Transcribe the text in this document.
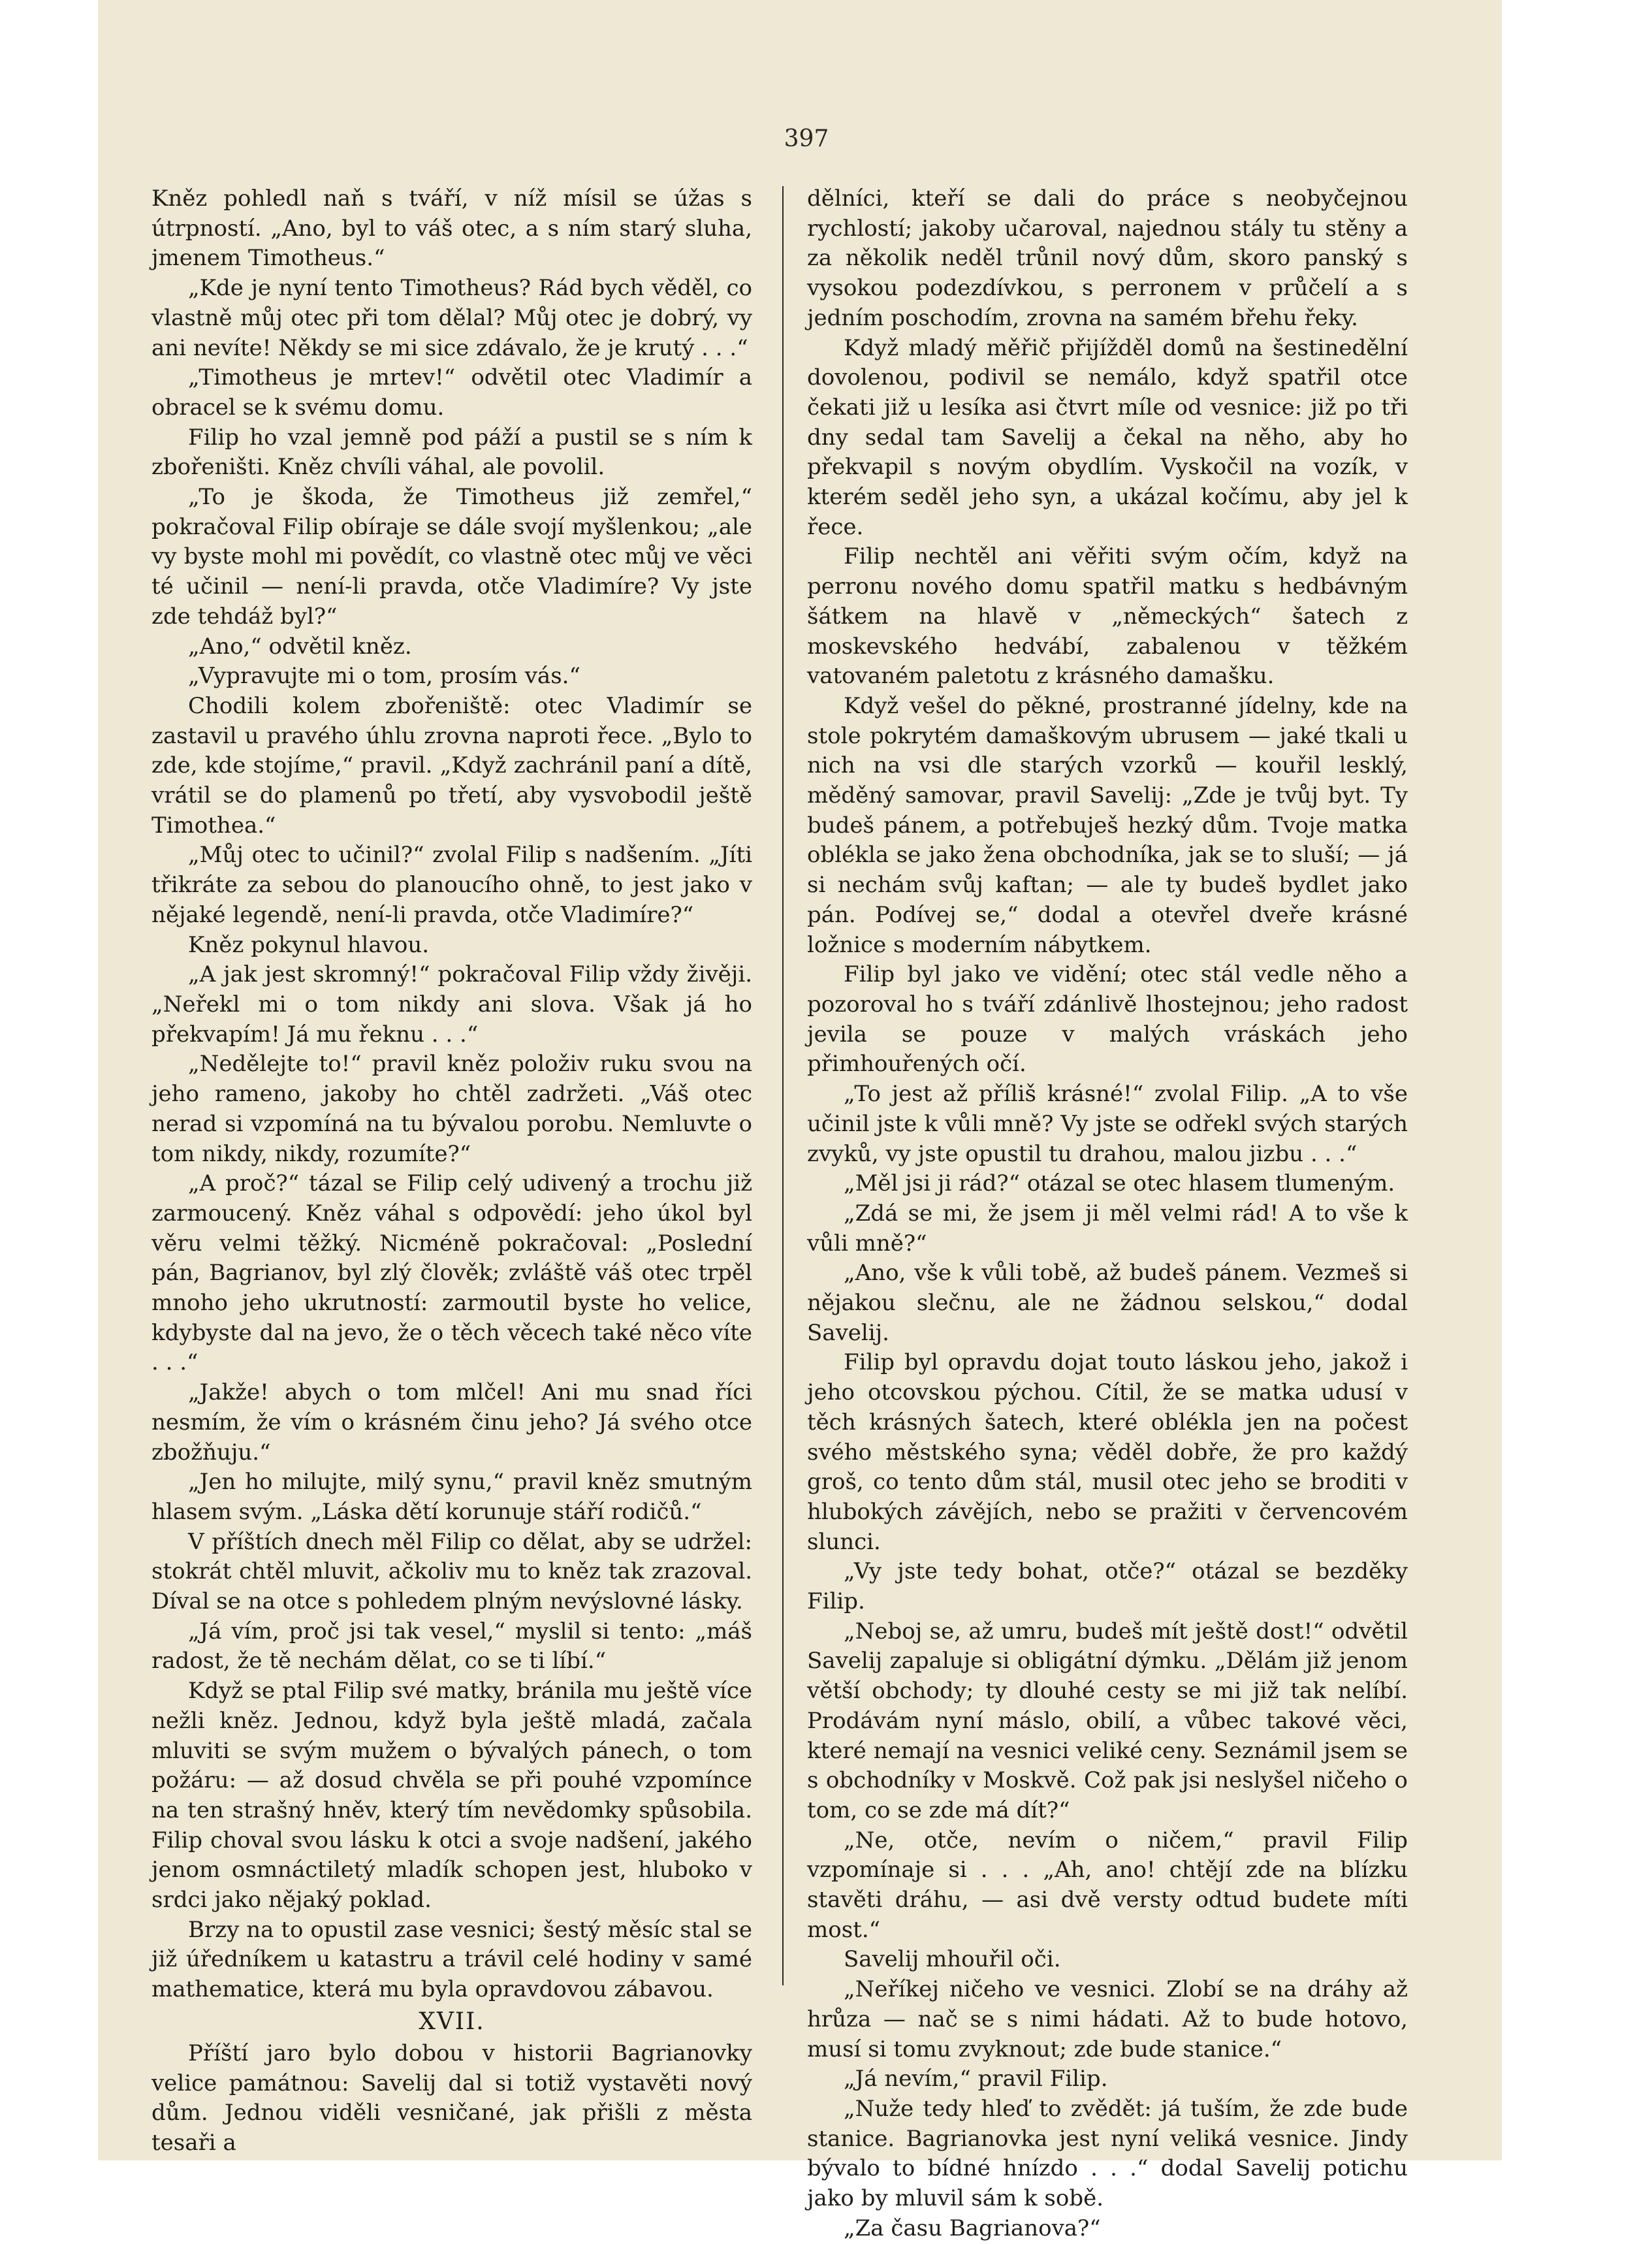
397

Kněz pohledl naň s tváří, v níž mísil se úžas s útrpností. „Ano, byl to váš otec, a s ním starý sluha, jmenem Timotheus.“

„Kde je nyní tento Timotheus? Rád bych věděl, co vlastně můj otec při tom dělal? Můj otec je dobrý, vy ani nevíte! Někdy se mi sice zdávalo, že je krutý . . .“

„Timotheus je mrtev!“ odvětil otec Vladimír a obracel se k svému domu.

Filip ho vzal jemně pod páží a pustil se s ním k zbořeništi. Kněz chvíli váhal, ale povolil.

„To je škoda, že Timotheus již zemřel,“ pokračoval Filip obíraje se dále svojí myšlenkou; „ale vy byste mohl mi povědít, co vlastně otec můj ve věci té učinil — není-li pravda, otče Vladimíre? Vy jste zde tehdáž byl?“

„Ano,“ odvětil kněz.

„Vypravujte mi o tom, prosím vás.“

Chodili kolem zbořeniště: otec Vladimír se zastavil u pravého úhlu zrovna naproti řece. „Bylo to zde, kde stojíme,“ pravil. „Když zachránil paní a dítě, vrátil se do plamenů po třetí, aby vysvobodil ještě Timothea.“

„Můj otec to učinil?“ zvolal Filip s nadšením. „Jíti třikráte za sebou do planoucího ohně, to jest jako v nějaké legendě, není-li pravda, otče Vladimíre?“

Kněz pokynul hlavou.

„A jak jest skromný!“ pokračoval Filip vždy živěji. „Neřekl mi o tom nikdy ani slova. Však já ho překvapím! Já mu řeknu . . .“

„Nedělejte to!“ pravil kněz položiv ruku svou na jeho rameno, jakoby ho chtěl zadržeti. „Váš otec nerad si vzpomíná na tu bývalou porobu. Nemluvte o tom nikdy, nikdy, rozumíte?“

„A proč?“ tázal se Filip celý udivený a trochu již zarmoucený. Kněz váhal s odpovědí: jeho úkol byl věru velmi těžký. Nicméně pokračoval: „Poslední pán, Bagrianov, byl zlý člověk; zvláště váš otec trpěl mnoho jeho ukrutností: zarmoutil byste ho velice, kdybyste dal na jevo, že o těch věcech také něco víte . . .“

„Jakže! abych o tom mlčel! Ani mu snad říci nesmím, že vím o krásném činu jeho? Já svého otce zbožňuju.“

„Jen ho milujte, milý synu,“ pravil kněz smutným hlasem svým. „Láska dětí korunuje stáří rodičů.“

V příštích dnech měl Filip co dělat, aby se udržel: stokrát chtěl mluvit, ačkoliv mu to kněz tak zrazoval. Díval se na otce s pohledem plným nevýslovné lásky.

„Já vím, proč jsi tak vesel,“ myslil si tento: „máš radost, že tě nechám dělat, co se ti líbí.“

Když se ptal Filip své matky, bránila mu ještě více nežli kněz. Jednou, když byla ještě mladá, začala mluviti se svým mužem o bývalých pánech, o tom požáru: — až dosud chvěla se při pouhé vzpomínce na ten strašný hněv, který tím nevědomky spůsobila. Filip choval svou lásku k otci a svoje nadšení, jakého jenom osmnáctiletý mladík schopen jest, hluboko v srdci jako nějaký poklad.

Brzy na to opustil zase vesnici; šestý měsíc stal se již úředníkem u katastru a trávil celé hodiny v samé mathematice, která mu byla opravdovou zábavou.

XVII.

Příští jaro bylo dobou v historii Bagrianovky velice památnou: Savelij dal si totiž vystavěti nový dům. Jednou viděli vesničané, jak přišli z města tesaři a

dělníci, kteří se dali do práce s neobyčejnou rychlostí; jakoby učaroval, najednou stály tu stěny a za několik neděl trůnil nový dům, skoro panský s vysokou podezdívkou, s perronem v průčelí a s jedním poschodím, zrovna na samém břehu řeky.

Když mladý měřič přijížděl domů na šestinedělní dovolenou, podivil se nemálo, když spatřil otce čekati již u lesíka asi čtvrt míle od vesnice: již po tři dny sedal tam Savelij a čekal na něho, aby ho překvapil s novým obydlím. Vyskočil na vozík, v kterém seděl jeho syn, a ukázal kočímu, aby jel k řece.

Filip nechtěl ani věřiti svým očím, když na perronu nového domu spatřil matku s hedbávným šátkem na hlavě v „německých“ šatech z moskevského hedvábí, zabalenou v těžkém vatovaném paletotu z krásného damašku.

Když vešel do pěkné, prostranné jídelny, kde na stole pokrytém damaškovým ubrusem — jaké tkali u nich na vsi dle starých vzorků — kouřil lesklý, měděný samovar, pravil Savelij: „Zde je tvůj byt. Ty budeš pánem, a potřebuješ hezký dům. Tvoje matka oblékla se jako žena obchodníka, jak se to sluší; — já si nechám svůj kaftan; — ale ty budeš bydlet jako pán. Podívej se,“ dodal a otevřel dveře krásné ložnice s moderním nábytkem.

Filip byl jako ve vidění; otec stál vedle něho a pozoroval ho s tváří zdánlivě lhostejnou; jeho radost jevila se pouze v malých vráskách jeho přimhouřených očí.

„To jest až příliš krásné!“ zvolal Filip. „A to vše učinil jste k vůli mně? Vy jste se odřekl svých starých zvyků, vy jste opustil tu drahou, malou jizbu . . .“

„Měl jsi ji rád?“ otázal se otec hlasem tlumeným.

„Zdá se mi, že jsem ji měl velmi rád! A to vše k vůli mně?“

„Ano, vše k vůli tobě, až budeš pánem. Vezmeš si nějakou slečnu, ale ne žádnou selskou,“ dodal Savelij.

Filip byl opravdu dojat touto láskou jeho, jakož i jeho otcovskou pýchou. Cítil, že se matka udusí v těch krásných šatech, které oblékla jen na počest svého městského syna; věděl dobře, že pro každý groš, co tento dům stál, musil otec jeho se broditi v hlubokých závějích, nebo se pražiti v červencovém slunci.

„Vy jste tedy bohat, otče?“ otázal se bezděky Filip.

„Neboj se, až umru, budeš mít ještě dost!“ odvětil Savelij zapaluje si obligátní dýmku. „Dělám již jenom větší obchody; ty dlouhé cesty se mi již tak nelíbí. Prodávám nyní máslo, obilí, a vůbec takové věci, které nemají na vesnici veliké ceny. Seznámil jsem se s obchodníky v Moskvě. Což pak jsi neslyšel ničeho o tom, co se zde má dít?“

„Ne, otče, nevím o ničem,“ pravil Filip vzpomínaje si . . . „Ah, ano! chtějí zde na blízku stavěti dráhu, — asi dvě versty odtud budete míti most.“

Savelij mhouřil oči.

„Neříkej ničeho ve vesnici. Zlobí se na dráhy až hrůza — nač se s nimi hádati. Až to bude hotovo, musí si tomu zvyknout; zde bude stanice.“

„Já nevím,“ pravil Filip.

„Nuže tedy hleď to zvědět: já tuším, že zde bude stanice. Bagrianovka jest nyní veliká vesnice. Jindy bývalo to bídné hnízdo . . .“ dodal Savelij potichu jako by mluvil sám k sobě.

„Za času Bagrianova?“
